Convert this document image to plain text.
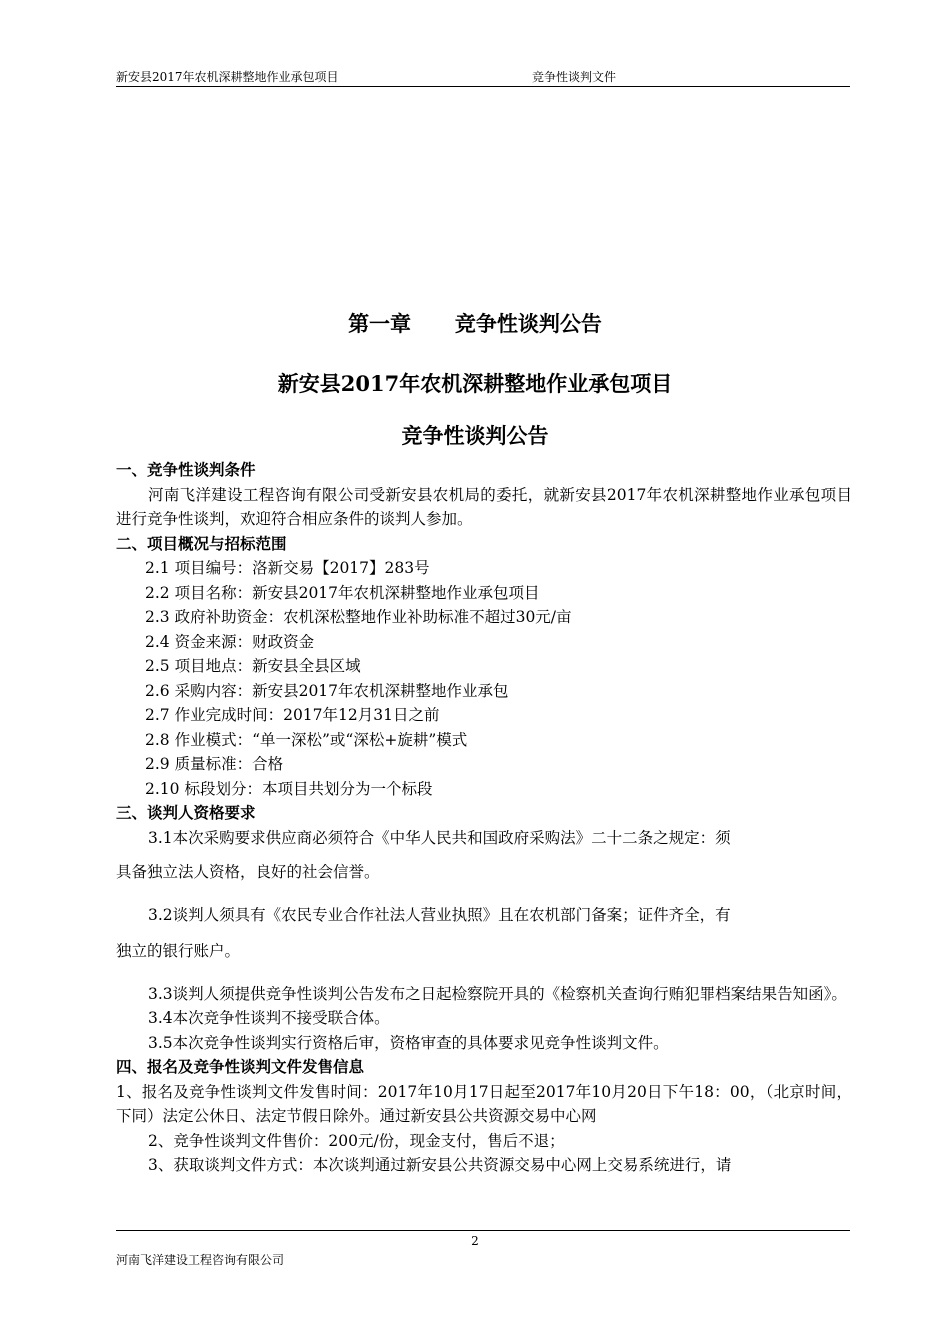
新安县2017年农机深耕整地作业承包项目	竞争性谈判文件
第一章      竞争性谈判公告
新安县2017年农机深耕整地作业承包项目
竞争性谈判公告

一、竞争性谈判条件

河南飞洋建设工程咨询有限公司受新安县农机局的委托，就新安县2017年农机深耕整地作业承包项目进行竞争性谈判，欢迎符合相应条件的谈判人参加。

二、项目概况与招标范围

2.1 项目编号：洛新交易【2017】283号

2.2 项目名称：新安县2017年农机深耕整地作业承包项目

2.3 政府补助资金：农机深松整地作业补助标准不超过30元/亩

2.4 资金来源：财政资金

2.5 项目地点：新安县全县区域

2.6 采购内容：新安县2017年农机深耕整地作业承包

2.7 作业完成时间：2017年12月31日之前

2.8 作业模式：“单一深松”或“深松+旋耕”模式

2.9 质量标准：合格

2.10 标段划分：本项目共划分为一个标段

三、谈判人资格要求

3.1本次采购要求供应商必须符合《中华人民共和国政府采购法》二十二条之规定：须

具备独立法人资格，良好的社会信誉。

3.2谈判人须具有《农民专业合作社法人营业执照》且在农机部门备案；证件齐全，有

独立的银行账户。

3.3谈判人须提供竞争性谈判公告发布之日起检察院开具的《检察机关查询行贿犯罪档案结果告知函》。

3.4本次竞争性谈判不接受联合体。

3.5本次竞争性谈判实行资格后审，资格审查的具体要求见竞争性谈判文件。

四、报名及竞争性谈判文件发售信息

1、报名及竞争性谈判文件发售时间：2017年10月17日起至2017年10月20日下午18：00，（北京时间，下同）法定公休日、法定节假日除外。通过新安县公共资源交易中心网

2、竞争性谈判文件售价：200元/份，现金支付，售后不退；

3、获取谈判文件方式：本次谈判通过新安县公共资源交易中心网上交易系统进行，请

2
河南飞洋建设工程咨询有限公司
